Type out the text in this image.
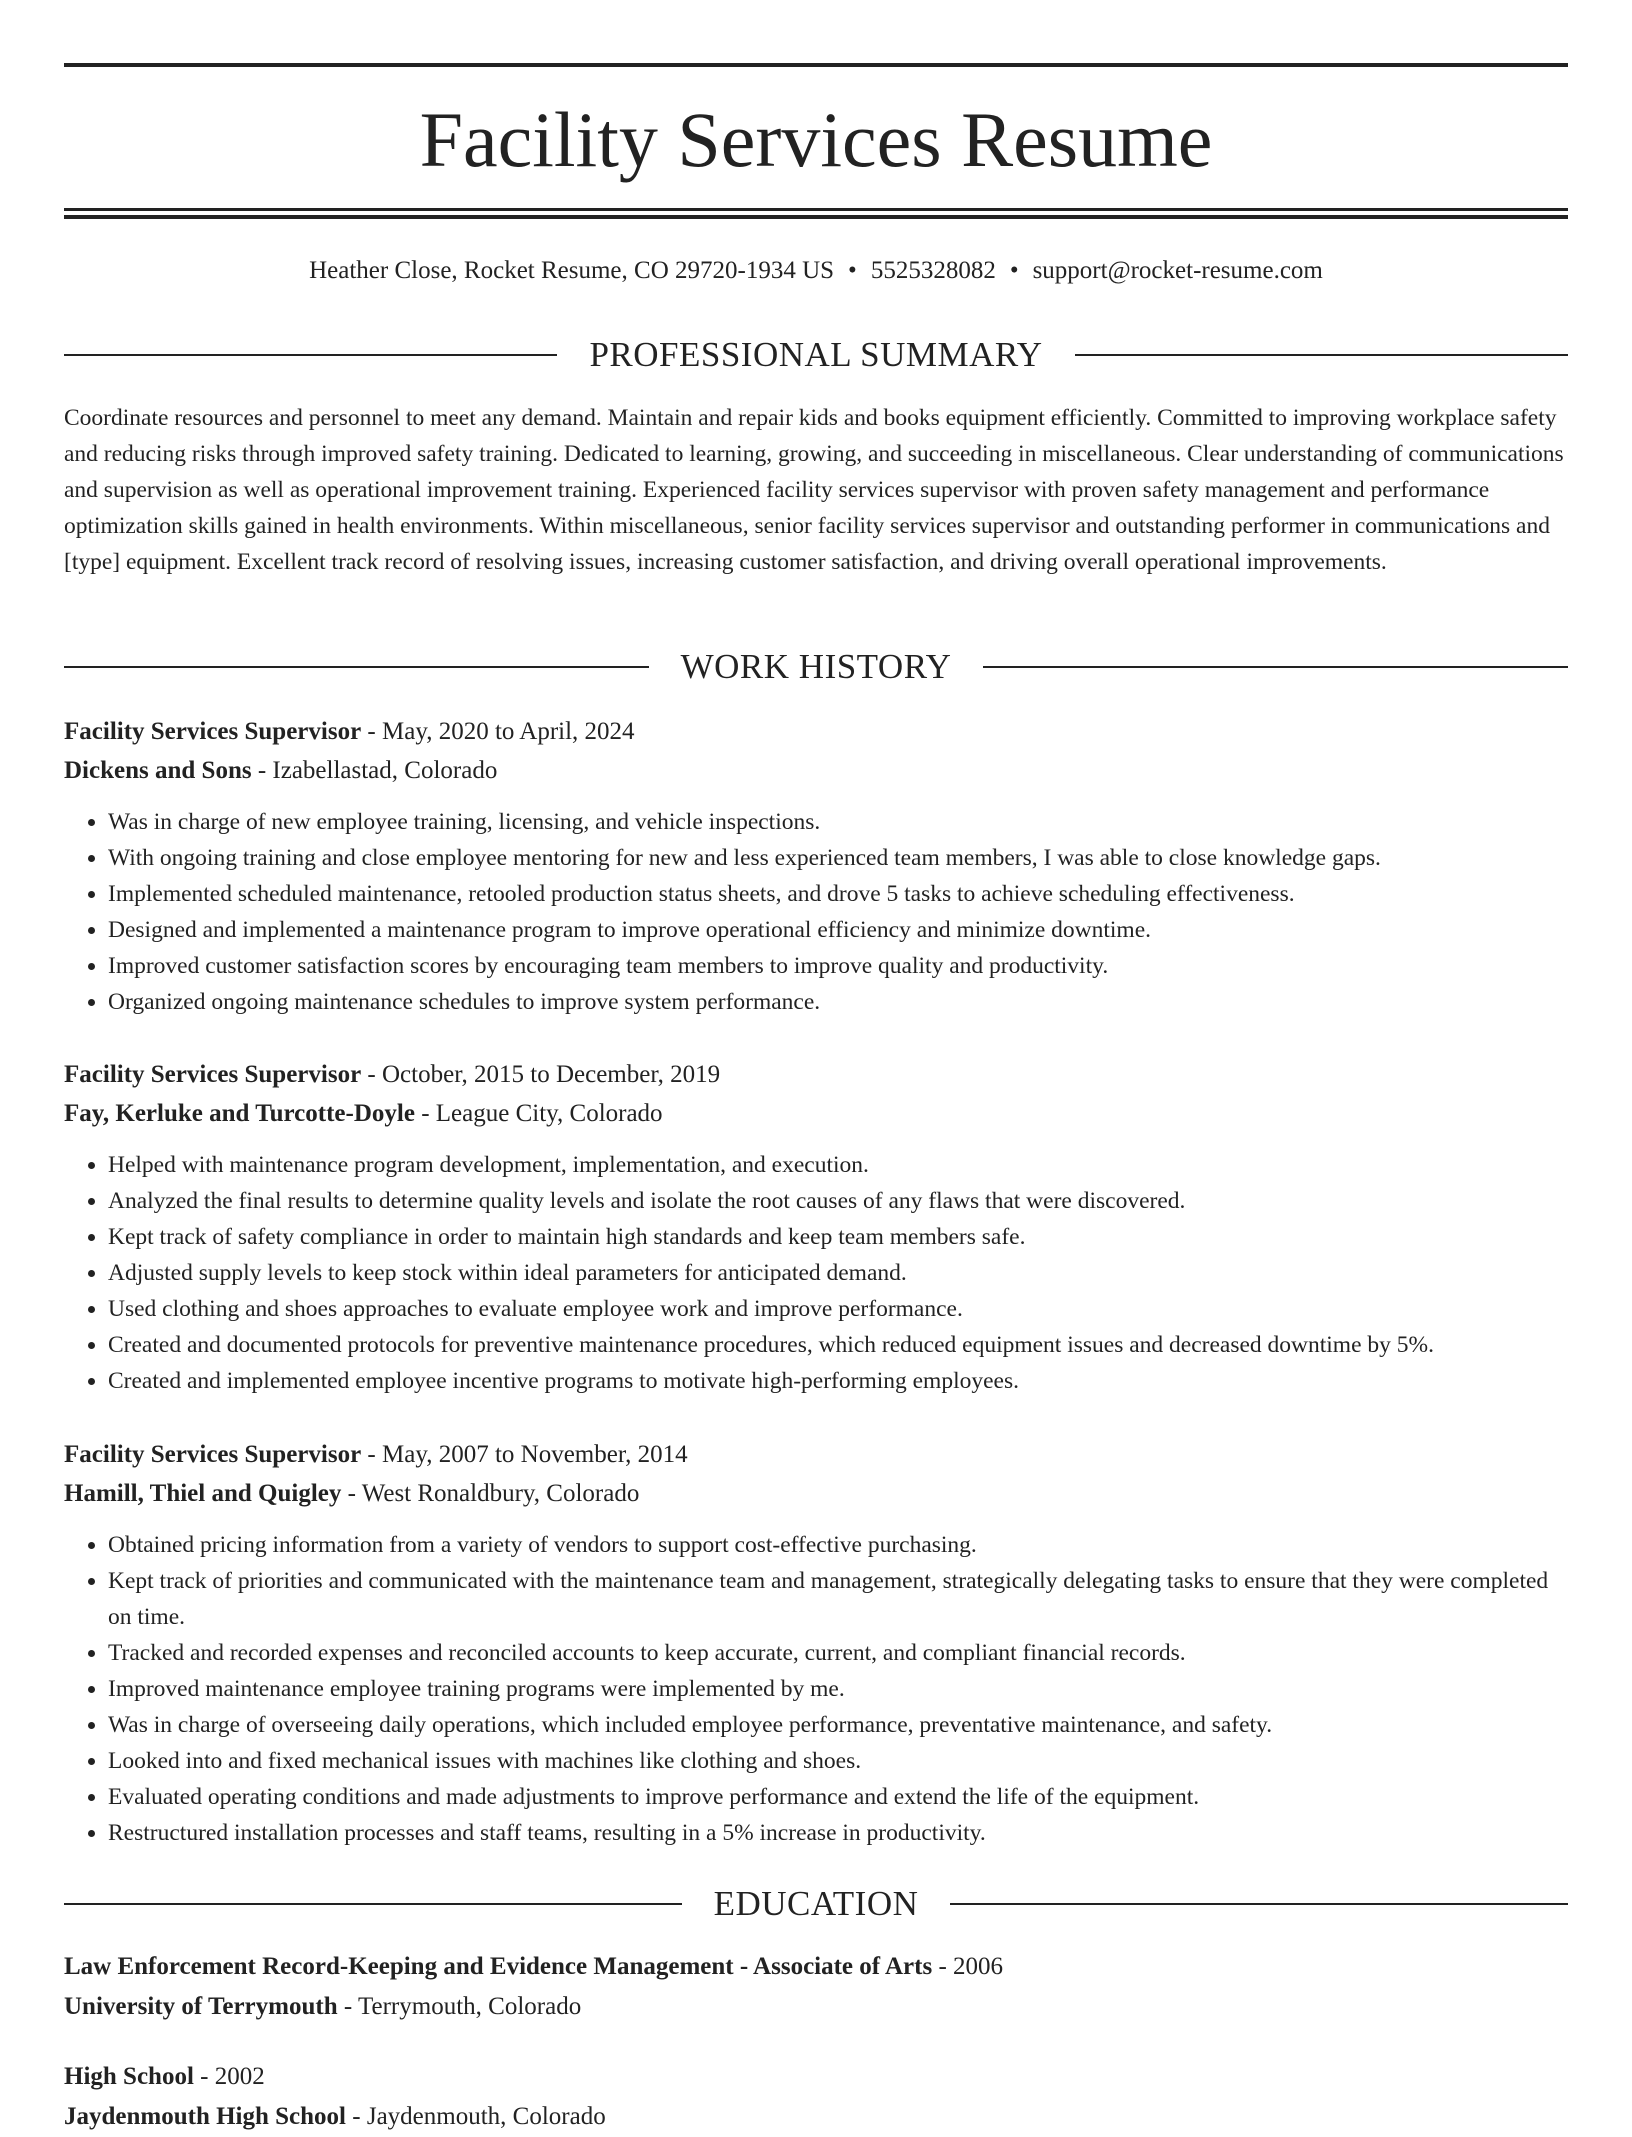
Facility Services Resume
Heather Close, Rocket Resume, CO 29720-1934 US • 5525328082 • support@rocket-resume.com
PROFESSIONAL SUMMARY

Coordinate resources and personnel to meet any demand. Maintain and repair kids and books equipment efficiently. Committed to improving workplace safety and reducing risks through improved safety training. Dedicated to learning, growing, and succeeding in miscellaneous. Clear understanding of communications and supervision as well as operational improvement training. Experienced facility services supervisor with proven safety management and performance optimization skills gained in health environments. Within miscellaneous, senior facility services supervisor and outstanding performer in communications and [type] equipment. Excellent track record of resolving issues, increasing customer satisfaction, and driving overall operational improvements.

WORK HISTORY
Facility Services Supervisor - May, 2020 to April, 2024
Dickens and Sons - Izabellastad, Colorado
• Was in charge of new employee training, licensing, and vehicle inspections.
• With ongoing training and close employee mentoring for new and less experienced team members, I was able to close knowledge gaps.
• Implemented scheduled maintenance, retooled production status sheets, and drove 5 tasks to achieve scheduling effectiveness.
• Designed and implemented a maintenance program to improve operational efficiency and minimize downtime.
• Improved customer satisfaction scores by encouraging team members to improve quality and productivity.
• Organized ongoing maintenance schedules to improve system performance.
Facility Services Supervisor - October, 2015 to December, 2019
Fay, Kerluke and Turcotte-Doyle - League City, Colorado
• Helped with maintenance program development, implementation, and execution.
• Analyzed the final results to determine quality levels and isolate the root causes of any flaws that were discovered.
• Kept track of safety compliance in order to maintain high standards and keep team members safe.
• Adjusted supply levels to keep stock within ideal parameters for anticipated demand.
• Used clothing and shoes approaches to evaluate employee work and improve performance.
• Created and documented protocols for preventive maintenance procedures, which reduced equipment issues and decreased downtime by 5%.
• Created and implemented employee incentive programs to motivate high-performing employees.
Facility Services Supervisor - May, 2007 to November, 2014
Hamill, Thiel and Quigley - West Ronaldbury, Colorado
• Obtained pricing information from a variety of vendors to support cost-effective purchasing.
• Kept track of priorities and communicated with the maintenance team and management, strategically delegating tasks to ensure that they were completed on time.
• Tracked and recorded expenses and reconciled accounts to keep accurate, current, and compliant financial records.
• Improved maintenance employee training programs were implemented by me.
• Was in charge of overseeing daily operations, which included employee performance, preventative maintenance, and safety.
• Looked into and fixed mechanical issues with machines like clothing and shoes.
• Evaluated operating conditions and made adjustments to improve performance and extend the life of the equipment.
• Restructured installation processes and staff teams, resulting in a 5% increase in productivity.
EDUCATION
Law Enforcement Record-Keeping and Evidence Management - Associate of Arts - 2006
University of Terrymouth - Terrymouth, Colorado
High School - 2002
Jaydenmouth High School - Jaydenmouth, Colorado
